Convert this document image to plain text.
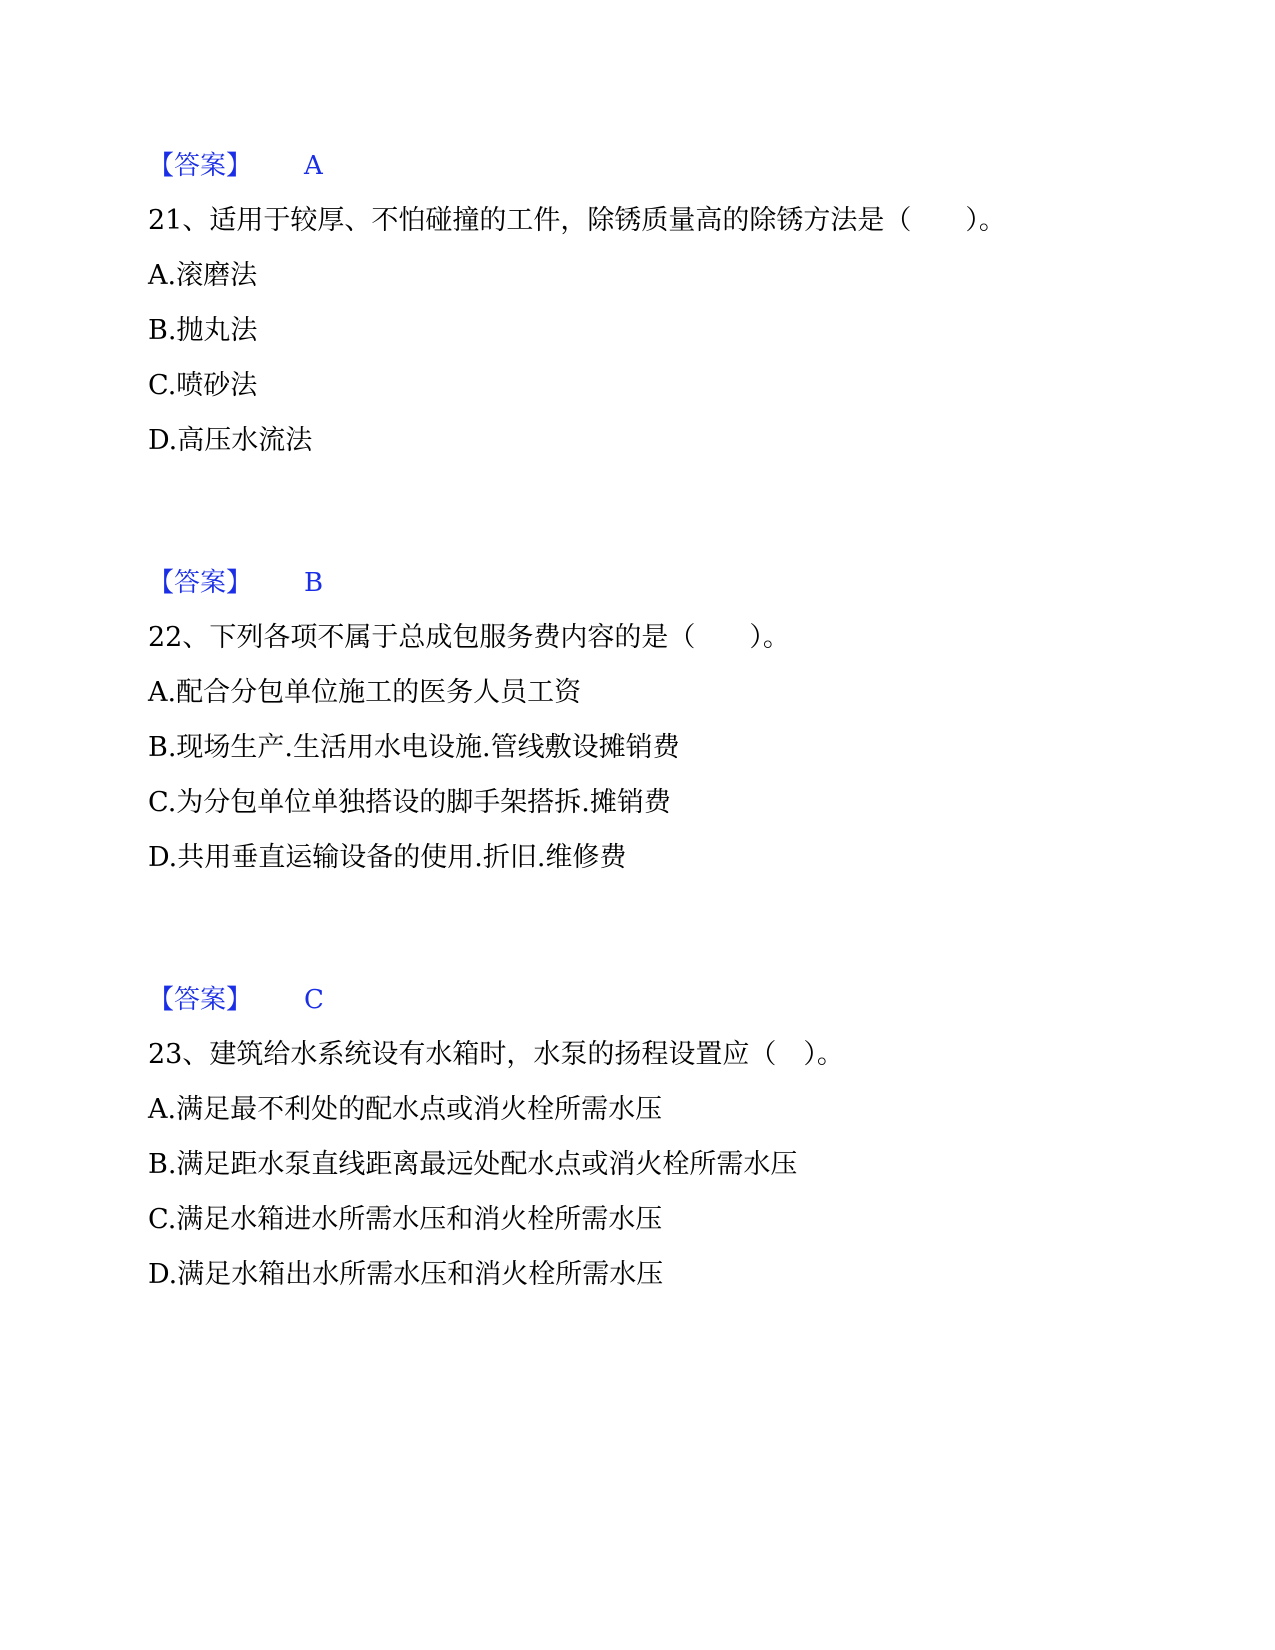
【答案】 A
21、适用于较厚、不怕碰撞的工件，除锈质量高的除锈方法是（　　）。
A.滚磨法
B.抛丸法
C.喷砂法
D.高压水流法
【答案】 B
22、下列各项不属于总成包服务费内容的是（　　）。
A.配合分包单位施工的医务人员工资
B.现场生产.生活用水电设施.管线敷设摊销费
C.为分包单位单独搭设的脚手架搭拆.摊销费
D.共用垂直运输设备的使用.折旧.维修费
【答案】 C
23、建筑给水系统设有水箱时，水泵的扬程设置应（　）。
A.满足最不利处的配水点或消火栓所需水压
B.满足距水泵直线距离最远处配水点或消火栓所需水压
C.满足水箱进水所需水压和消火栓所需水压
D.满足水箱出水所需水压和消火栓所需水压
